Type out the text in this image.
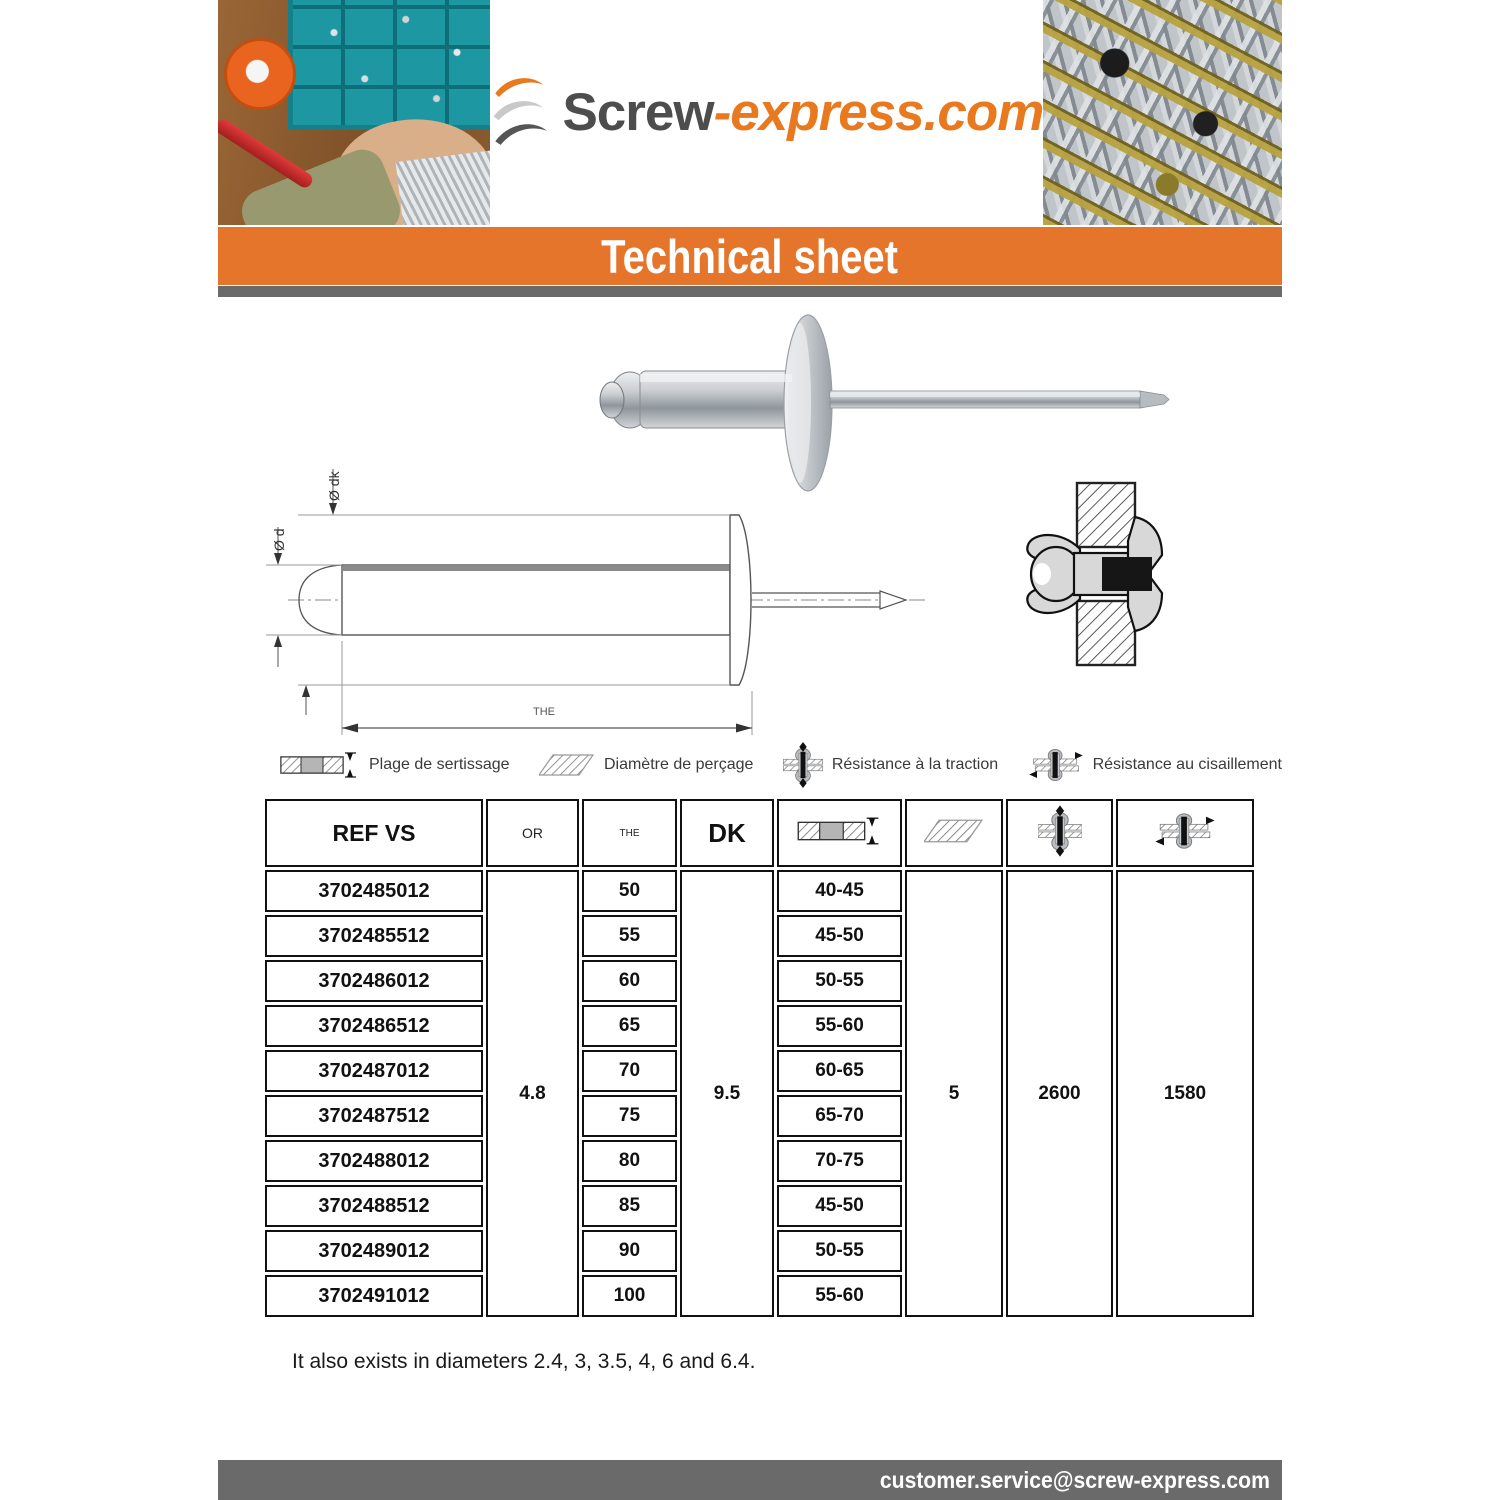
Screw-express.com
Technical sheet
Ø dk
Ø d
THE
Plage de sertissage	Diamètre de perçage	Résistance à la traction	Résistance au cisaillement
REF VS	OR	THE	DK				
3702485012	4.8	50	9.5	40-45	5	2600	1580
3702485512		55		45-50			
3702486012		60		50-55			
3702486512		65		55-60			
3702487012		70		60-65			
3702487512		75		65-70			
3702488012		80		70-75			
3702488512		85		45-50			
3702489012		90		50-55			
3702491012		100		55-60			
It also exists in diameters 2.4, 3, 3.5, 4, 6 and 6.4.
customer.service@screw-express.com
